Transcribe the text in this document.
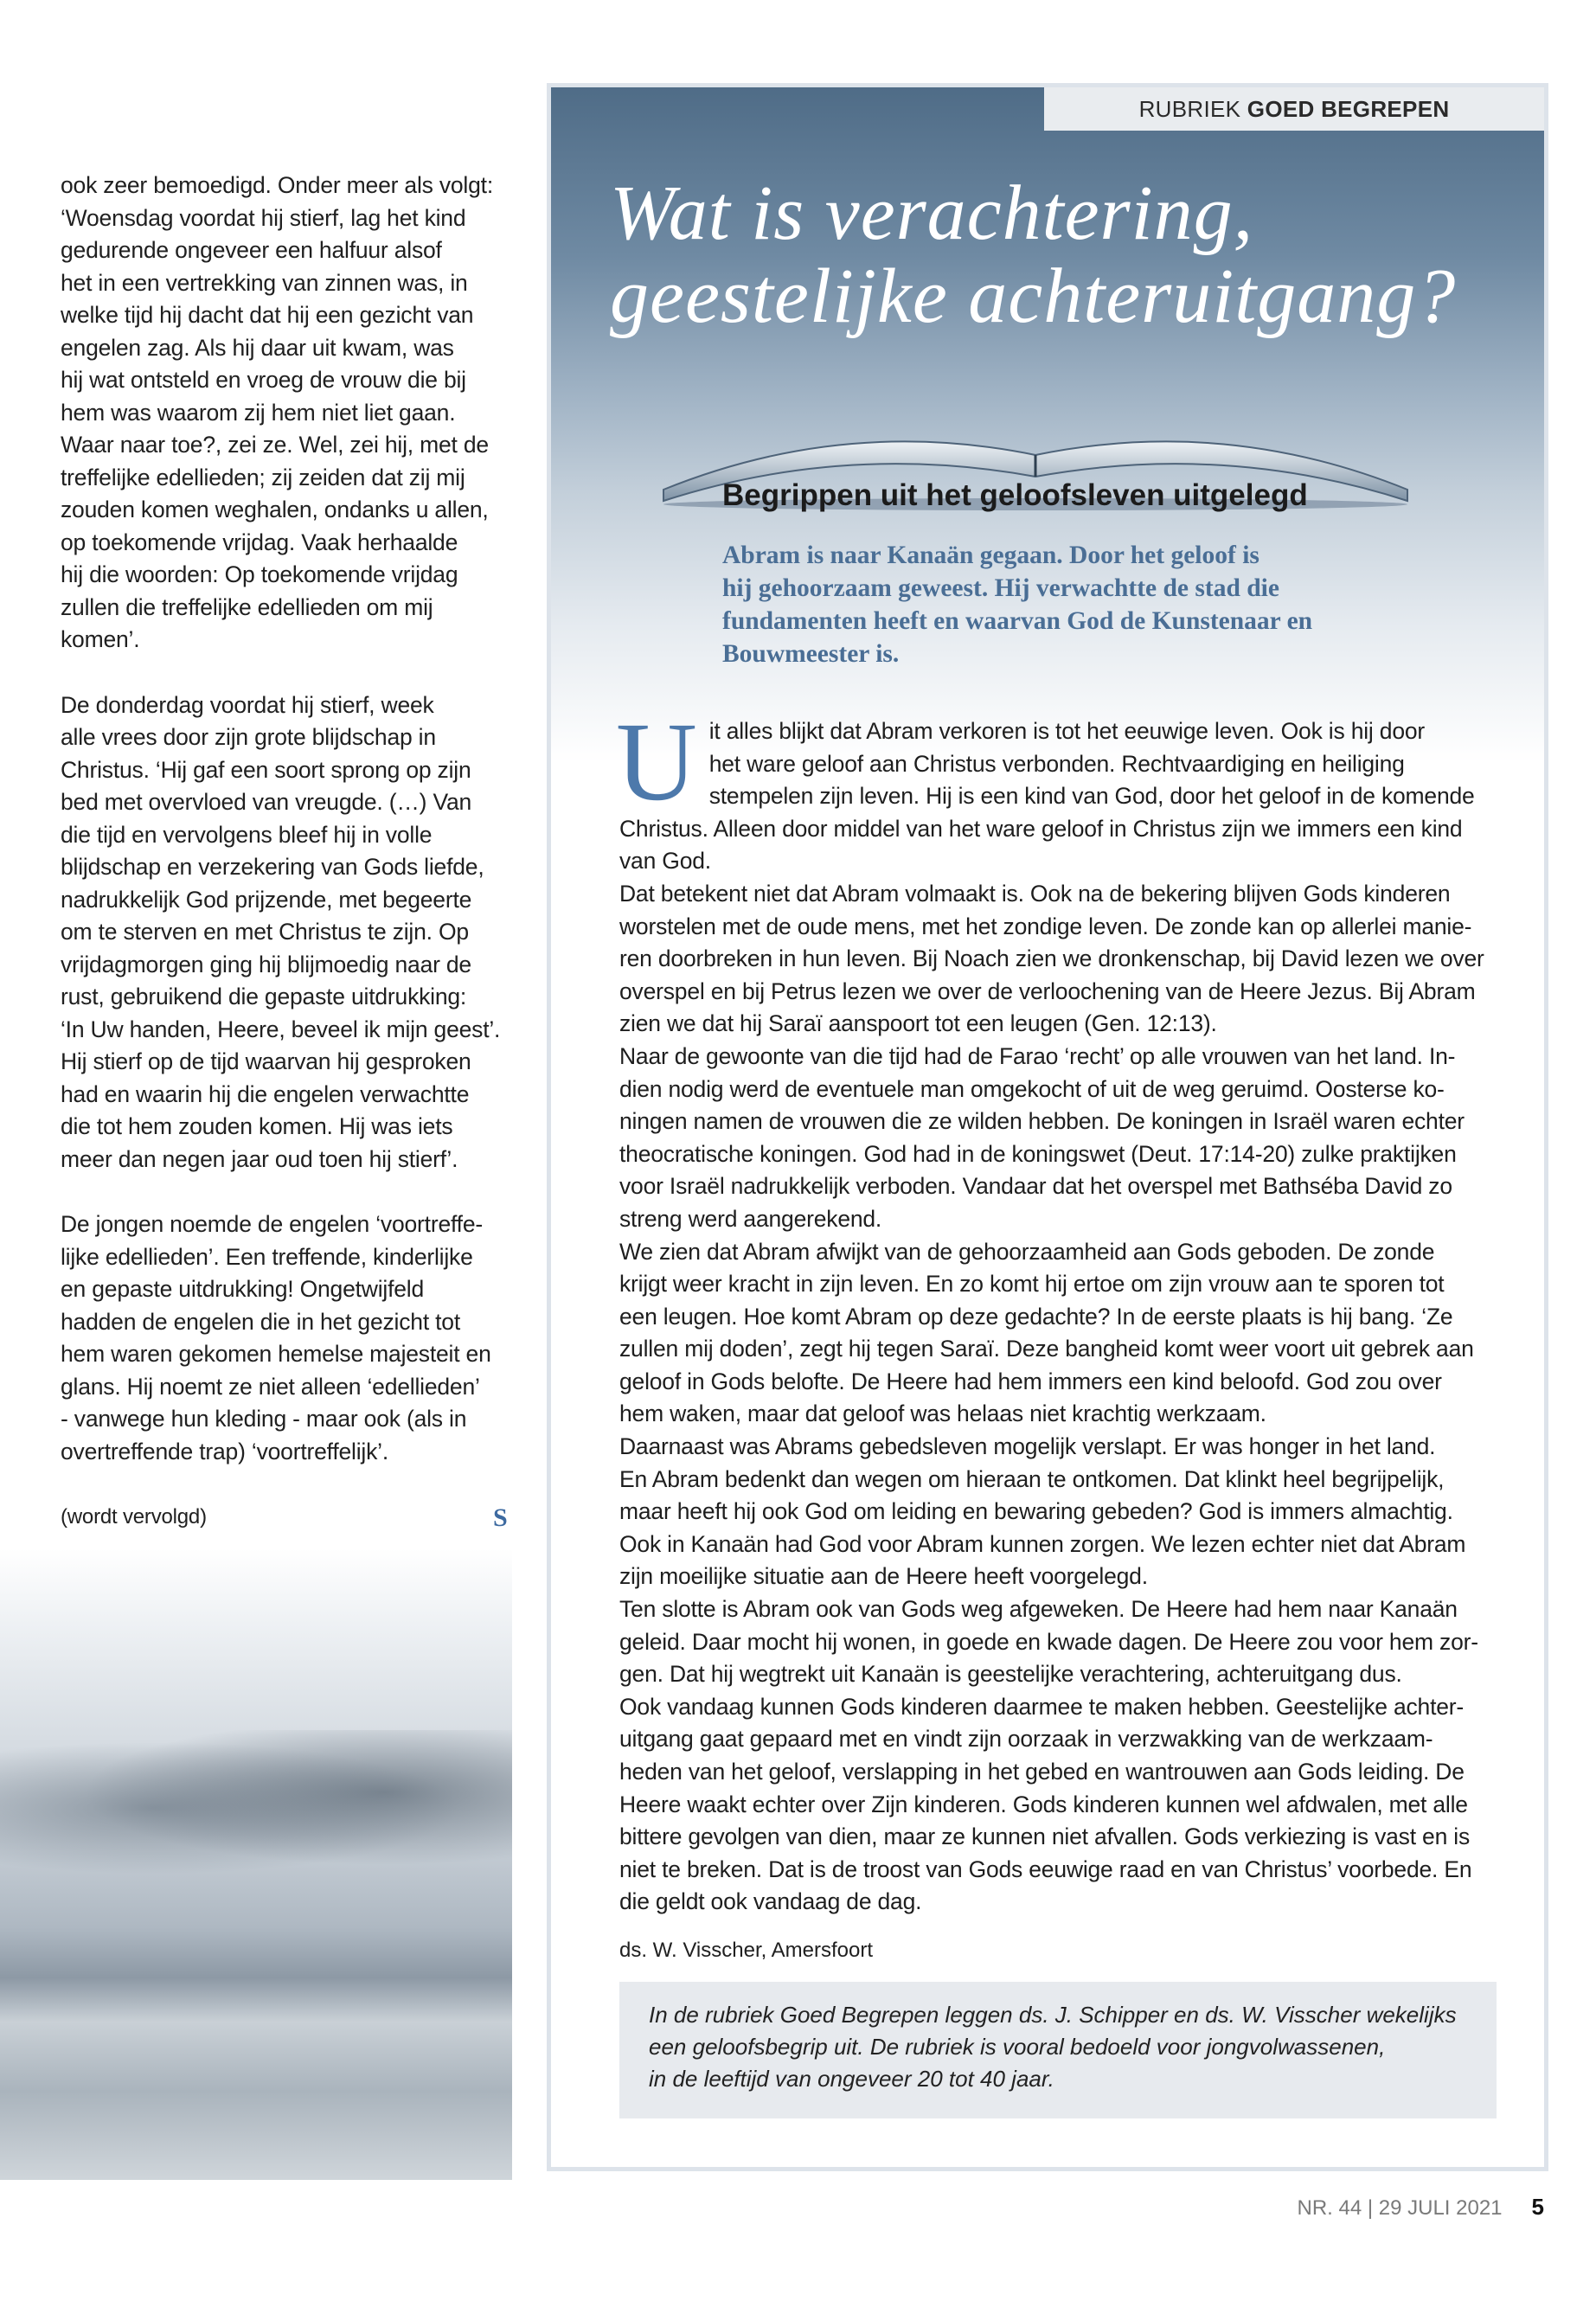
ook zeer bemoedigd. Onder meer als volgt:
‘Woensdag voordat hij stierf, lag het kind
gedurende ongeveer een halfuur alsof
het in een vertrekking van zinnen was, in
welke tijd hij dacht dat hij een gezicht van
engelen zag. Als hij daar uit kwam, was
hij wat ontsteld en vroeg de vrouw die bij
hem was waarom zij hem niet liet gaan.
Waar naar toe?, zei ze. Wel, zei hij, met de
treffelijke edellieden; zij zeiden dat zij mij
zouden komen weghalen, ondanks u allen,
op toekomende vrijdag. Vaak herhaalde
hij die woorden: Op toekomende vrijdag
zullen die treffelijke edellieden om mij
komen’.

De donderdag voordat hij stierf, week
alle vrees door zijn grote blijdschap in
Christus. ‘Hij gaf een soort sprong op zijn
bed met overvloed van vreugde. (…) Van
die tijd en vervolgens bleef hij in volle
blijdschap en verzekering van Gods liefde,
nadrukkelijk God prijzende, met begeerte
om te sterven en met Christus te zijn. Op
vrijdagmorgen ging hij blijmoedig naar de
rust, gebruikend die gepaste uitdrukking:
‘In Uw handen, Heere, beveel ik mijn geest’.
Hij stierf op de tijd waarvan hij gesproken
had en waarin hij die engelen verwachtte
die tot hem zouden komen. Hij was iets
meer dan negen jaar oud toen hij stierf’.

De jongen noemde de engelen ‘voortreffe-
lijke edellieden’. Een treffende, kinderlijke
en gepaste uitdrukking! Ongetwijfeld
hadden de engelen die in het gezicht tot
hem waren gekomen hemelse majesteit en
glans. Hij noemt ze niet alleen ‘edellieden’
- vanwege hun kleding - maar ook (als in
overtreffende trap) ‘voortreffelijk’.

(wordt vervolgd)	S
RUBRIEK GOED BEGREPEN
Wat is verachtering,
geestelijke achteruitgang?
Begrippen uit het geloofsleven uitgelegd
Abram is naar Kanaän gegaan. Door het geloof is
hij gehoorzaam geweest. Hij verwachtte de stad die
fundamenten heeft en waarvan God de Kunstenaar en
Bouwmeester is.
U it alles blijkt dat Abram verkoren is tot het eeuwige leven. Ook is hij door
het ware geloof aan Christus verbonden. Rechtvaardiging en heiliging
stempelen zijn leven. Hij is een kind van God, door het geloof in de komende
Christus. Alleen door middel van het ware geloof in Christus zijn we immers een kind
van God.

Dat betekent niet dat Abram volmaakt is. Ook na de bekering blijven Gods kinderen
worstelen met de oude mens, met het zondige leven. De zonde kan op allerlei manie-
ren doorbreken in hun leven. Bij Noach zien we dronkenschap, bij David lezen we over
overspel en bij Petrus lezen we over de verloochening van de Heere Jezus. Bij Abram
zien we dat hij Saraï aanspoort tot een leugen (Gen. 12:13).

Naar de gewoonte van die tijd had de Farao ‘recht’ op alle vrouwen van het land. In-
dien nodig werd de eventuele man omgekocht of uit de weg geruimd. Oosterse ko-
ningen namen de vrouwen die ze wilden hebben. De koningen in Israël waren echter
theocratische koningen. God had in de koningswet (Deut. 17:14-20) zulke praktijken
voor Israël nadrukkelijk verboden. Vandaar dat het overspel met Bathséba David zo
streng werd aangerekend.

We zien dat Abram afwijkt van de gehoorzaamheid aan Gods geboden. De zonde
krijgt weer kracht in zijn leven. En zo komt hij ertoe om zijn vrouw aan te sporen tot
een leugen. Hoe komt Abram op deze gedachte? In de eerste plaats is hij bang. ‘Ze
zullen mij doden’, zegt hij tegen Saraï. Deze bangheid komt weer voort uit gebrek aan
geloof in Gods belofte. De Heere had hem immers een kind beloofd. God zou over
hem waken, maar dat geloof was helaas niet krachtig werkzaam.

Daarnaast was Abrams gebedsleven mogelijk verslapt. Er was honger in het land.
En Abram bedenkt dan wegen om hieraan te ontkomen. Dat klinkt heel begrijpelijk,
maar heeft hij ook God om leiding en bewaring gebeden? God is immers almachtig.
Ook in Kanaän had God voor Abram kunnen zorgen. We lezen echter niet dat Abram
zijn moeilijke situatie aan de Heere heeft voorgelegd.

Ten slotte is Abram ook van Gods weg afgeweken. De Heere had hem naar Kanaän
geleid. Daar mocht hij wonen, in goede en kwade dagen. De Heere zou voor hem zor-
gen. Dat hij wegtrekt uit Kanaän is geestelijke verachtering, achteruitgang dus.

Ook vandaag kunnen Gods kinderen daarmee te maken hebben. Geestelijke achter-
uitgang gaat gepaard met en vindt zijn oorzaak in verzwakking van de werkzaam-
heden van het geloof, verslapping in het gebed en wantrouwen aan Gods leiding. De
Heere waakt echter over Zijn kinderen. Gods kinderen kunnen wel afdwalen, met alle
bittere gevolgen van dien, maar ze kunnen niet afvallen. Gods verkiezing is vast en is
niet te breken. Dat is de troost van Gods eeuwige raad en van Christus’ voorbede. En
die geldt ook vandaag de dag.

ds. W. Visscher, Amersfoort
In de rubriek Goed Begrepen leggen ds. J. Schipper en ds. W. Visscher wekelijks
een geloofsbegrip uit. De rubriek is vooral bedoeld voor jongvolwassenen,
in de leeftijd van ongeveer 20 tot 40 jaar.
NR. 44 | 29 JULI 2021 5
